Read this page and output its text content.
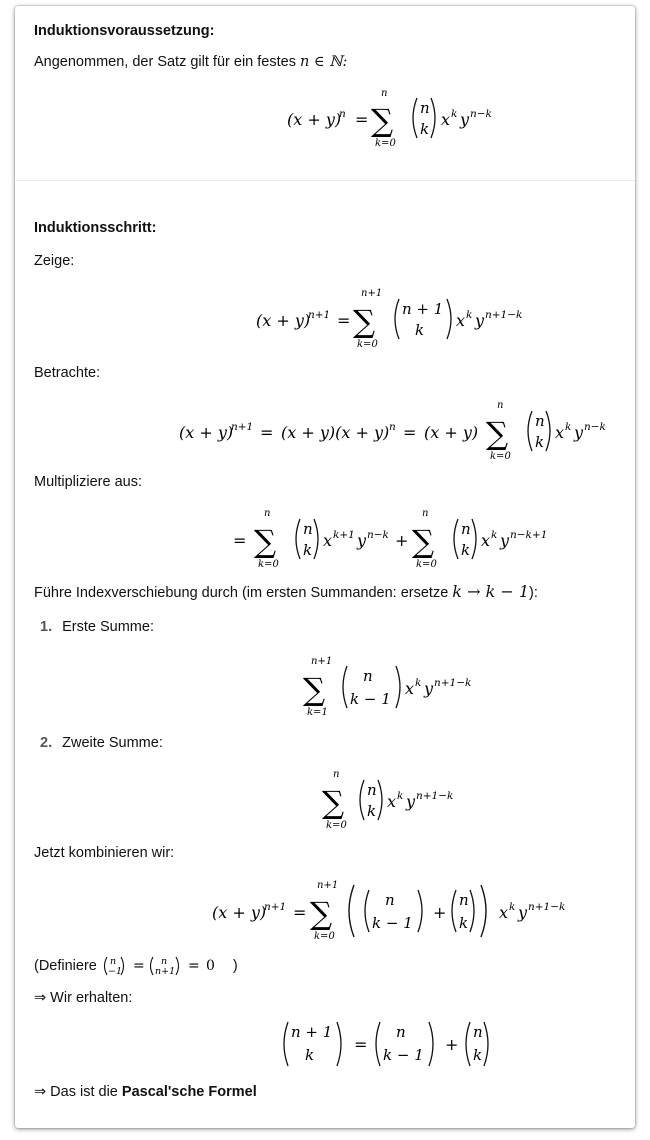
Induktionsvoraussetzung:
Angenommen, der Satz gilt für ein festes n ∈ ℕ:
(x + y)
n =
n
∑
k=0
n
k x k y n−k
Induktionsschritt:
Zeige:
(x + y)
n+1 =
n+1
∑
k=0
n + 1
k x k y n+1−k
Betrachte:
(x + y)
n+1 = (x + y)(x + y) n = (x + y)
n
∑
k=0
n
k x k y n−k
Multipliziere aus:
=
n
∑
k=0
n
k x k+1 y n−k +
n
∑
k=0
n
k x k y n−k+1
Führe Indexverschiebung durch (im ersten Summanden: ersetze k → k − 1):
1. Erste Summe:
n+1
∑
k=1
n
k − 1
x k y n+1−k
2. Zweite Summe:
n
∑
k=0
n
k x k y n+1−k
Jetzt kombinieren wir:
(x + y)
n+1 =
n+1
∑
k=0
n
k − 1
+
n
k
x k y n+1−k
(Definiere n
−1 = n
n+1 = 0 )
⇒ Wir erhalten:
n + 1
k
=
n
k − 1
+
n
k
⇒ Das ist die Pascal'sche Formel
